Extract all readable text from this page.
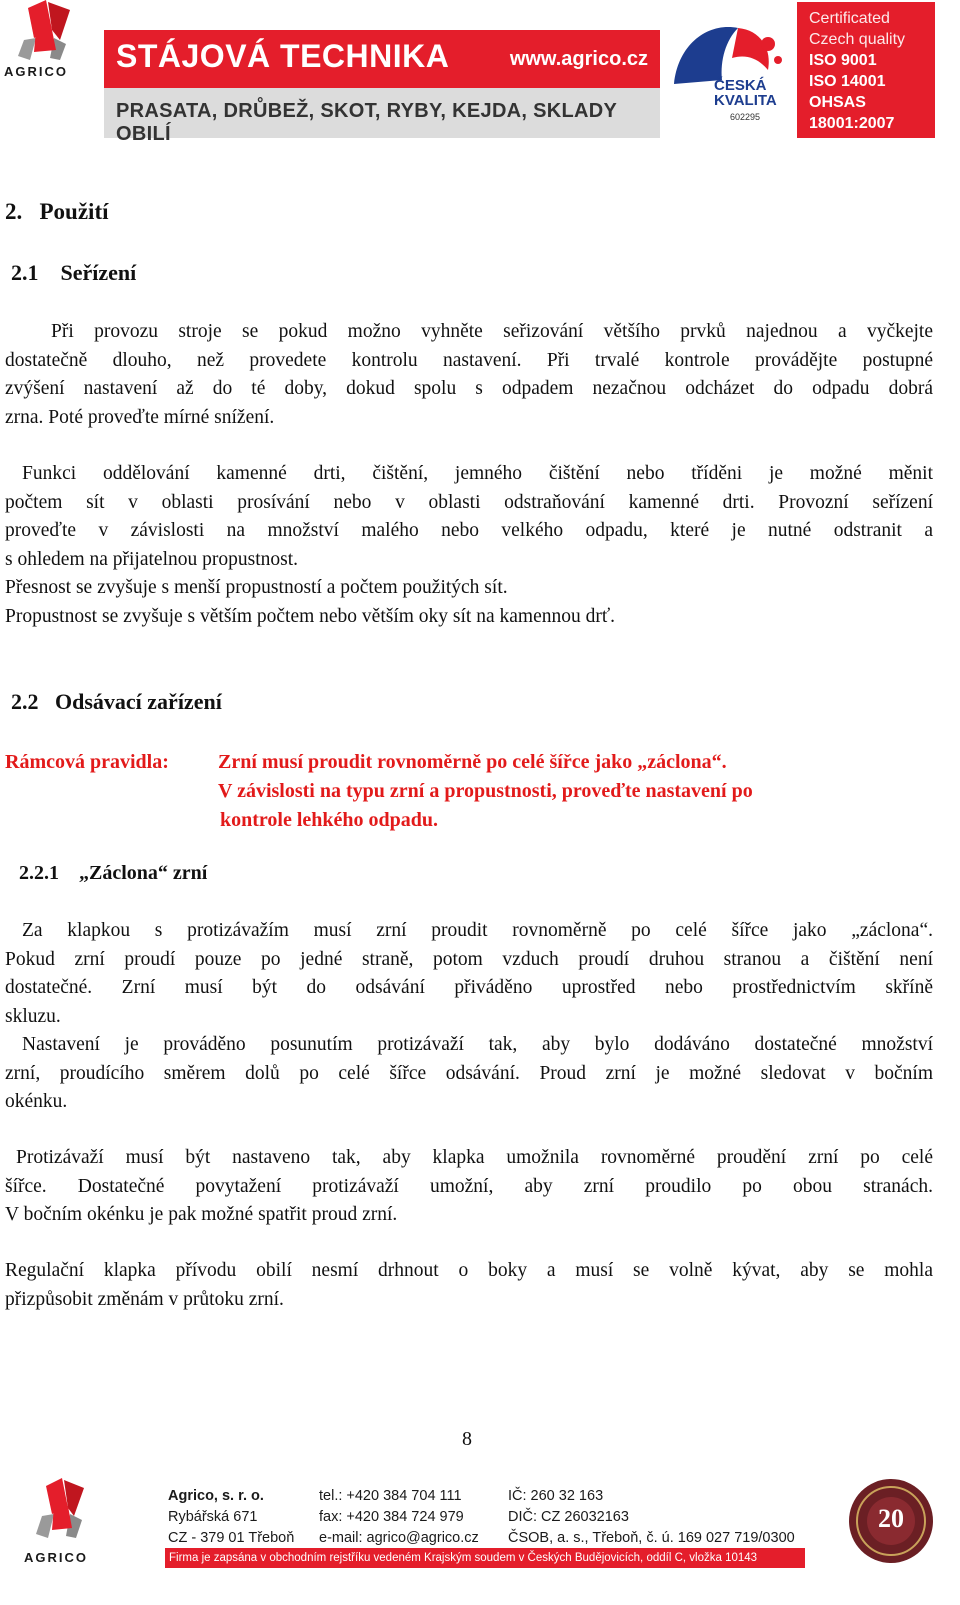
AGRICO STÁJOVÁ TECHNIKA	www.agrico.cz
PRASATA, DRŮBEŽ, SKOT, RYBY, KEJDA, SKLADY OBILÍ
ČESKÁ
KVALITA
602295
Certificated
Czech quality
ISO 9001
ISO 14001
OHSAS
18001:2007
2. Použití
2.1 Seřízení
Při provozu stroje se pokud možno vyhněte seřizování většího prvků najednou a vyčkejte
dostatečně dlouho, než provedete kontrolu nastavení. Při trvalé kontrole provádějte postupné
zvýšení nastavení až do té doby, dokud spolu s odpadem nezačnou odcházet do odpadu dobrá
zrna. Poté proveďte mírné snížení.
Funkci oddělování kamenné drti, čištění, jemného čištění nebo tříděni je možné měnit
počtem sít v oblasti prosívání nebo v oblasti odstraňování kamenné drti. Provozní seřízení
proveďte v závislosti na množství malého nebo velkého odpadu, které je nutné odstranit a
s ohledem na přijatelnou propustnost.
Přesnost se zvyšuje s menší propustností a počtem použitých sít.
Propustnost se zvyšuje s větším počtem nebo větším oky sít na kamennou drť.
2.2 Odsávací zařízení
Rámcová pravidla: Zrní musí proudit rovnoměrně po celé šířce jako „záclona“.
V závislosti na typu zrní a propustnosti, proveďte nastavení po
kontrole lehkého odpadu.
2.2.1 „Záclona“ zrní
Za klapkou s protizávažím musí zrní proudit rovnoměrně po celé šířce jako „záclona“.
Pokud zrní proudí pouze po jedné straně, potom vzduch proudí druhou stranou a čištění není
dostatečné. Zrní musí být do odsávání přiváděno uprostřed nebo prostřednictvím skříně
skluzu.
Nastavení je prováděno posunutím protizávaží tak, aby bylo dodáváno dostatečné množství
zrní, proudícího směrem dolů po celé šířce odsávání. Proud zrní je možné sledovat v bočním
okénku.
Protizávaží musí být nastaveno tak, aby klapka umožnila rovnoměrné proudění zrní po celé
šířce. Dostatečné povytažení protizávaží umožní, aby zrní proudilo po obou stranách.
V bočním okénku je pak možné spatřit proud zrní.
Regulační klapka přívodu obilí nesmí drhnout o boky a musí se volně kývat, aby se mohla
přizpůsobit změnám v průtoku zrní.
8
AGRICO
Agrico, s. r. o.
Rybářská 671
CZ - 379 01 Třeboň
tel.: +420 384 704 111
fax: +420 384 724 979
e-mail: agrico@agrico.cz
IČ: 260 32 163
DIČ: CZ 26032163
ČSOB, a. s., Třeboň, č. ú. 169 027 719/0300
Firma je zapsána v obchodním rejstříku vedeném Krajským soudem v Českých Budějovicích, oddíl C, vložka 10143
20
